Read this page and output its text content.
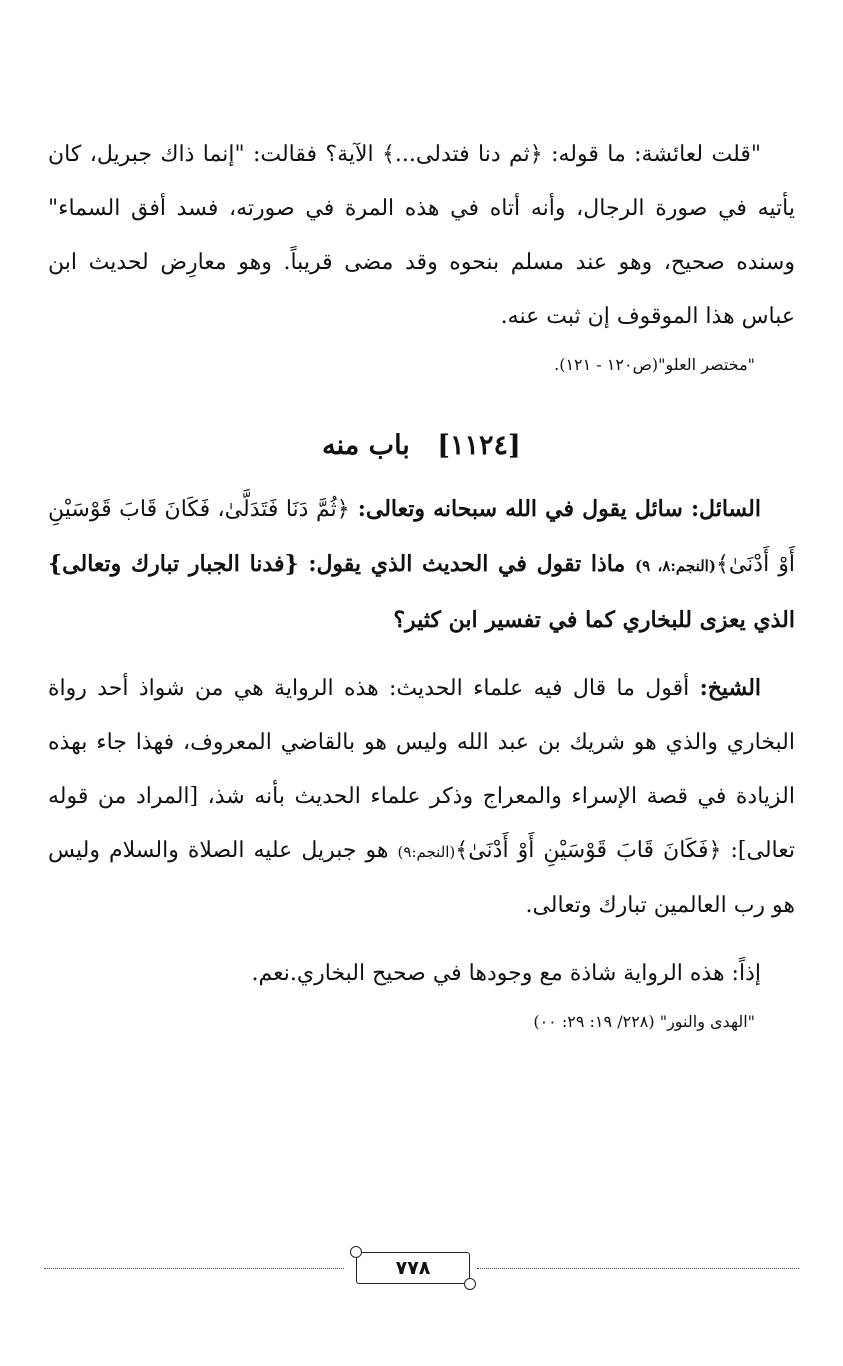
"قلت لعائشة: ما قوله: ﴿ثم دنا فتدلى...﴾ الآية؟ فقالت: "إنما ذاك جبريل، كان يأتيه في صورة الرجال، وأنه أتاه في هذه المرة في صورته، فسد أفق السماء" وسنده صحيح، وهو عند مسلم بنحوه وقد مضى قريباً. وهو معارِض لحديث ابن عباس هذا الموقوف إن ثبت عنه.

"مختصر العلو"(ص١٢٠ - ١٢١).

[١١٢٤] باب منه

السائل: سائل يقول في الله سبحانه وتعالى: ﴿ثُمَّ دَنَا فَتَدَلَّىٰ، فَكَانَ قَابَ قَوْسَيْنِ أَوْ أَدْنَىٰ﴾(النجم:٨، ٩) ماذا تقول في الحديث الذي يقول: {فدنا الجبار تبارك وتعالى} الذي يعزى للبخاري كما في تفسير ابن كثير؟

الشيخ: أقول ما قال فيه علماء الحديث: هذه الرواية هي من شواذ أحد رواة البخاري والذي هو شريك بن عبد الله وليس هو بالقاضي المعروف، فهذا جاء بهذه الزيادة في قصة الإسراء والمعراج وذكر علماء الحديث بأنه شذ، [المراد من قوله تعالى]: ﴿فَكَانَ قَابَ قَوْسَيْنِ أَوْ أَدْنَىٰ﴾(النجم:٩) هو جبريل عليه الصلاة والسلام وليس هو رب العالمين تبارك وتعالى.

إذاً: هذه الرواية شاذة مع وجودها في صحيح البخاري.نعم.

"الهدى والنور" (٢٢٨/ ١٩: ٢٩: ٠٠)

٧٧٨
